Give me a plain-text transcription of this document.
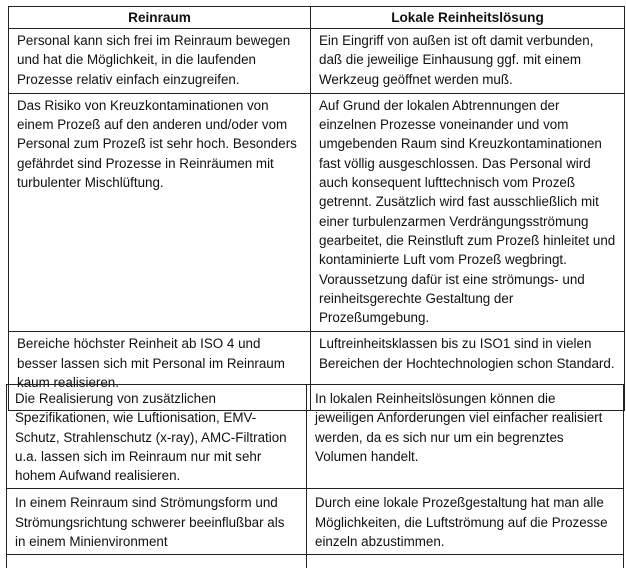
Reinraum	Lokale Reinheitslösung
Personal kann sich frei im Reinraum bewegen und hat die Möglichkeit, in die laufenden Prozesse relativ einfach einzugreifen.	Ein Eingriff von außen ist oft damit verbunden, daß die jeweilige Einhausung ggf. mit einem Werkzeug geöffnet werden muß.
Das Risiko von Kreuzkontaminationen von einem Prozeß auf den anderen und/oder vom Personal zum Prozeß ist sehr hoch. Besonders gefährdet sind Prozesse in Reinräumen mit turbulenter Mischlüftung.	Auf Grund der lokalen Abtrennungen der einzelnen Prozesse voneinander und vom umgebenden Raum sind Kreuzkontaminationen fast völlig ausgeschlossen. Das Personal wird auch konsequent lufttechnisch vom Prozeß getrennt. Zusätzlich wird fast ausschließlich mit einer turbulenzarmen Verdrängungsströmung gearbeitet, die Reinstluft zum Prozeß hinleitet und kontaminierte Luft vom Prozeß wegbringt. Voraussetzung dafür ist eine strömungs- und reinheitsgerechte Gestaltung der Prozeßumgebung.
Bereiche höchster Reinheit ab ISO 4 und besser lassen sich mit Personal im Reinraum kaum realisieren.	Luftreinheitsklassen bis zu ISO1 sind in vielen Bereichen der Hochtechnologien schon Standard.
Die Realisierung von zusätzlichen Spezifikationen, wie Luftionisation, EMV-Schutz, Strahlenschutz (x-ray), AMC-Filtration u.a. lassen sich im Reinraum nur mit sehr hohem Aufwand realisieren.	In lokalen Reinheitslösungen können die jeweiligen Anforderungen viel einfacher realisiert werden, da es sich nur um ein begrenztes Volumen handelt.
In einem Reinraum sind Strömungsform und Strömungsrichtung schwerer beeinflußbar als in einem Minienvironment	Durch eine lokale Prozeßgestaltung hat man alle Möglichkeiten, die Luftströmung auf die Prozesse einzeln abzustimmen.
